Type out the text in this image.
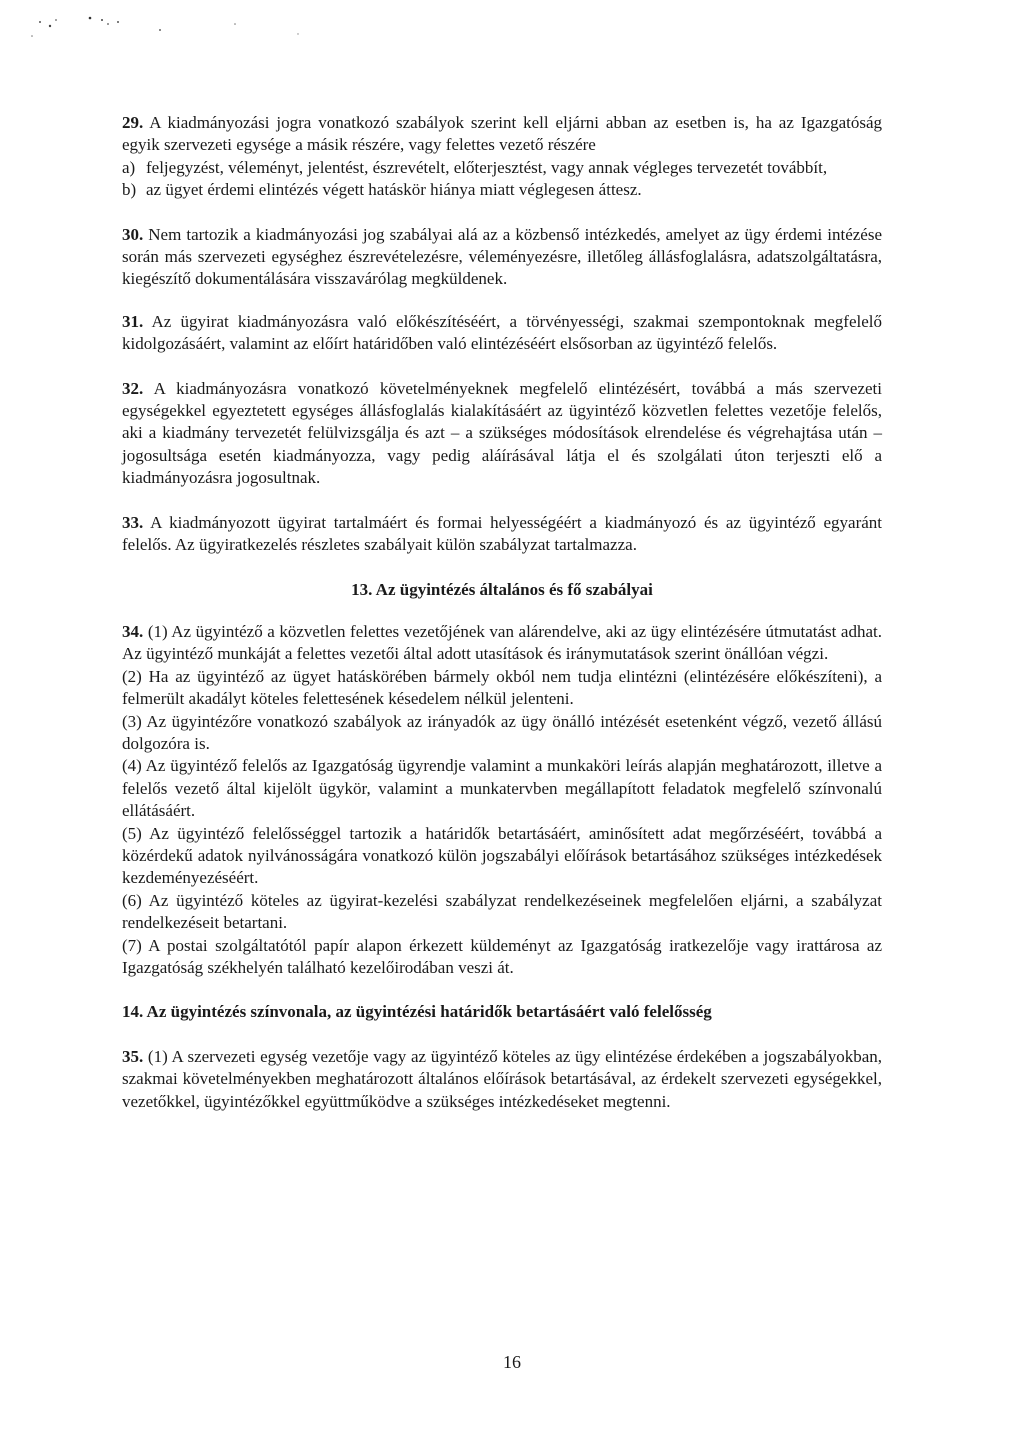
29. A kiadmányozási jogra vonatkozó szabályok szerint kell eljárni abban az esetben is, ha az Igazgatóság egyik szervezeti egysége a másik részére, vagy felettes vezető részére

a) feljegyzést, véleményt, jelentést, észrevételt, előterjesztést, vagy annak végleges tervezetét továbbít,
b) az ügyet érdemi elintézés végett hatáskör hiánya miatt véglegesen áttesz.

30. Nem tartozik a kiadmányozási jog szabályai alá az a közbenső intézkedés, amelyet az ügy érdemi intézése során más szervezeti egységhez észrevételezésre, véleményezésre, illetőleg állásfoglalásra, adatszolgáltatásra, kiegészítő dokumentálására visszavárólag megküldenek.

31. Az ügyirat kiadmányozásra való előkészítéséért, a törvényességi, szakmai szempontoknak megfelelő kidolgozásáért, valamint az előírt határidőben való elintézéséért elsősorban az ügyintéző felelős.

32. A kiadmányozásra vonatkozó követelményeknek megfelelő elintézésért, továbbá a más szervezeti egységekkel egyeztetett egységes állásfoglalás kialakításáért az ügyintéző közvetlen felettes vezetője felelős, aki a kiadmány tervezetét felülvizsgálja és azt – a szükséges módosítások elrendelése és végrehajtása után – jogosultsága esetén kiadmányozza, vagy pedig aláírásával látja el és szolgálati úton terjeszti elő a kiadmányozásra jogosultnak.

33. A kiadmányozott ügyirat tartalmáért és formai helyességéért a kiadmányozó és az ügyintéző egyaránt felelős. Az ügyiratkezelés részletes szabályait külön szabályzat tartalmazza.

13. Az ügyintézés általános és fő szabályai

34. (1) Az ügyintéző a közvetlen felettes vezetőjének van alárendelve, aki az ügy elintézésére útmutatást adhat. Az ügyintéző munkáját a felettes vezetői által adott utasítások és iránymutatások szerint önállóan végzi.

(2) Ha az ügyintéző az ügyet hatáskörében bármely okból nem tudja elintézni (elintézésére előkészíteni), a felmerült akadályt köteles felettesének késedelem nélkül jelenteni.

(3) Az ügyintézőre vonatkozó szabályok az irányadók az ügy önálló intézését esetenként végző, vezető állású dolgozóra is.

(4) Az ügyintéző felelős az Igazgatóság ügyrendje valamint a munkaköri leírás alapján meghatározott, illetve a felelős vezető által kijelölt ügykör, valamint a munkatervben megállapított feladatok megfelelő színvonalú ellátásáért.

(5) Az ügyintéző felelősséggel tartozik a határidők betartásáért, aminősített adat megőrzéséért, továbbá a közérdekű adatok nyilvánosságára vonatkozó külön jogszabályi előírások betartásához szükséges intézkedések kezdeményezéséért.

(6) Az ügyintéző köteles az ügyirat-kezelési szabályzat rendelkezéseinek megfelelően eljárni, a szabályzat rendelkezéseit betartani.

(7) A postai szolgáltatótól papír alapon érkezett küldeményt az Igazgatóság iratkezelője vagy irattárosa az Igazgatóság székhelyén található kezelőirodában veszi át.

14. Az ügyintézés színvonala, az ügyintézési határidők betartásáért való felelősség

35. (1) A szervezeti egység vezetője vagy az ügyintéző köteles az ügy elintézése érdekében a jogszabályokban, szakmai követelményekben meghatározott általános előírások betartásával, az érdekelt szervezeti egységekkel, vezetőkkel, ügyintézőkkel együttműködve a szükséges intézkedéseket megtenni.

16
